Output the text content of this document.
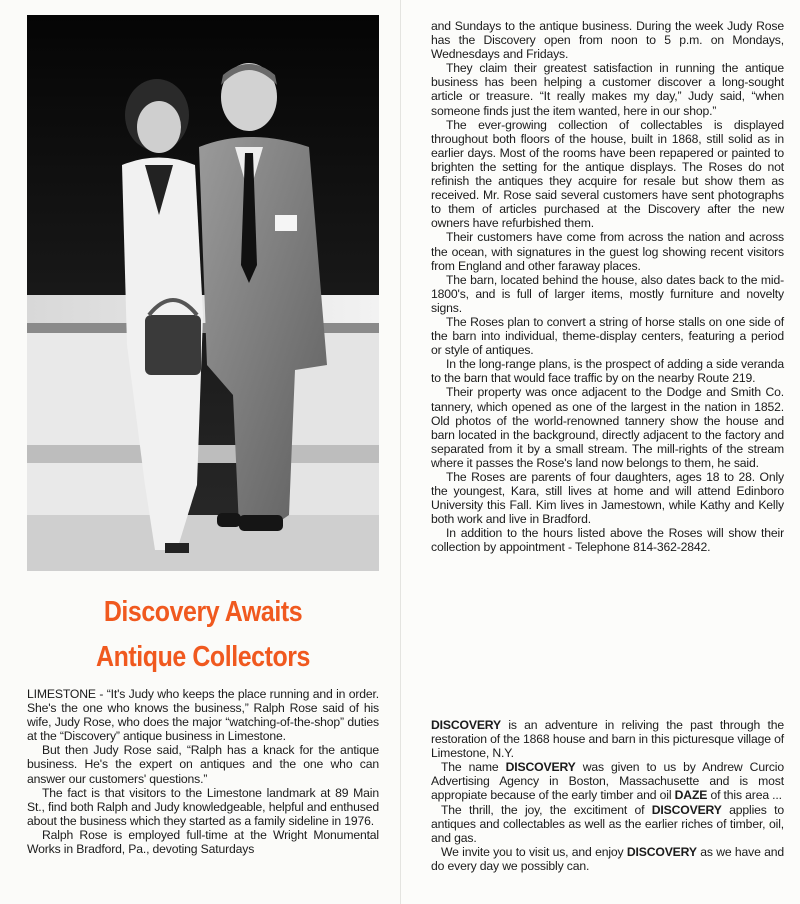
Discovery Awaits
Antique Collectors

LIMESTONE - “It's Judy who keeps the place running and in order. She's the one who knows the business,” Ralph Rose said of his wife, Judy Rose, who does the major “watching-of-the-shop” duties at the “Discovery” antique business in Limestone.

But then Judy Rose said, “Ralph has a knack for the antique business. He's the expert on antiques and the one who can answer our customers' questions.”

The fact is that visitors to the Limestone landmark at 89 Main St., find both Ralph and Judy knowledgeable, helpful and enthused about the business which they started as a family sideline in 1976.

Ralph Rose is employed full-time at the Wright Monumental Works in Bradford, Pa., devoting Saturdays

and Sundays to the antique business. During the week Judy Rose has the Discovery open from noon to 5 p.m. on Mondays, Wednesdays and Fridays.

They claim their greatest satisfaction in running the antique business has been helping a customer discover a long-sought article or treasure. “It really makes my day,” Judy said, “when someone finds just the item wanted, here in our shop.”

The ever-growing collection of collectables is displayed throughout both floors of the house, built in 1868, still solid as in earlier days. Most of the rooms have been repapered or painted to brighten the setting for the antique displays. The Roses do not refinish the antiques they acquire for resale but show them as received. Mr. Rose said several customers have sent photographs to them of articles purchased at the Discovery after the new owners have refurbished them.

Their customers have come from across the nation and across the ocean, with signatures in the guest log showing recent visitors from England and other faraway places.

The barn, located behind the house, also dates back to the mid-1800's, and is full of larger items, mostly furniture and novelty signs.

The Roses plan to convert a string of horse stalls on one side of the barn into individual, theme-display centers, featuring a period or style of antiques.

In the long-range plans, is the prospect of adding a side veranda to the barn that would face traffic by on the nearby Route 219.

Their property was once adjacent to the Dodge and Smith Co. tannery, which opened as one of the largest in the nation in 1852. Old photos of the world-renowned tannery show the house and barn located in the background, directly adjacent to the factory and separated from it by a small stream. The mill-rights of the stream where it passes the Rose's land now belongs to them, he said.

The Roses are parents of four daughters, ages 18 to 28. Only the youngest, Kara, still lives at home and will attend Edinboro University this Fall. Kim lives in Jamestown, while Kathy and Kelly both work and live in Bradford.

In addition to the hours listed above the Roses will show their collection by appointment - Telephone 814-362-2842.

DISCOVERY is an adventure in reliving the past through the restoration of the 1868 house and barn in this picturesque village of Limestone, N.Y.

The name DISCOVERY was given to us by Andrew Curcio Advertising Agency in Boston, Massachusette and is most appropiate because of the early timber and oil DAZE of this area ...

The thrill, the joy, the excitiment of DISCOVERY applies to antiques and collectables as well as the earlier riches of timber, oil, and gas.

We invite you to visit us, and enjoy DISCOVERY as we have and do every day we possibly can.
